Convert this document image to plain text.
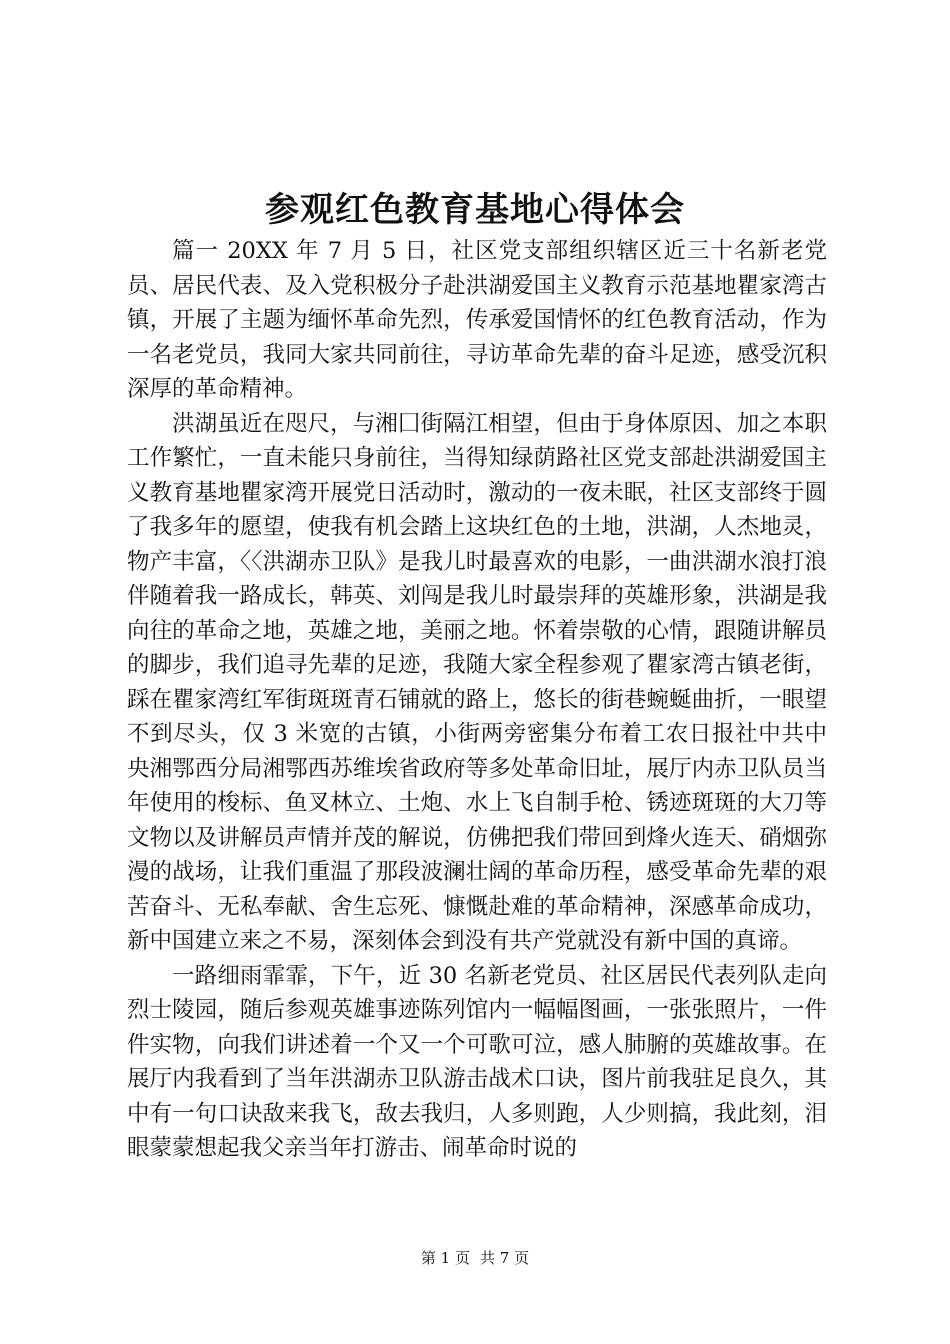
参观红色教育基地心得体会

篇一 20XX 年 7 月 5 日，社区党支部组织辖区近三十名新老党员、居民代表、及入党积极分子赴洪湖爱国主义教育示范基地瞿家湾古镇，开展了主题为缅怀革命先烈，传承爱国情怀的红色教育活动，作为一名老党员，我同大家共同前往，寻访革命先辈的奋斗足迹，感受沉积深厚的革命精神。

洪湖虽近在咫尺，与湘囗街隔江相望，但由于身体原因、加之本职工作繁忙，一直未能只身前往，当得知绿荫路社区党支部赴洪湖爱国主义教育基地瞿家湾开展党日活动时，激动的一夜未眠，社区支部终于圆了我多年的愿望，使我有机会踏上这块红色的土地，洪湖，人杰地灵，物产丰富，〈〈洪湖赤卫队》是我儿时最喜欢的电影，一曲洪湖水浪打浪伴随着我一路成长，韩英、刘闯是我儿时最崇拜的英雄形象，洪湖是我向往的革命之地，英雄之地，美丽之地。怀着崇敬的心情，跟随讲解员的脚步，我们追寻先辈的足迹，我随大家全程参观了瞿家湾古镇老街，踩在瞿家湾红军街斑斑青石铺就的路上，悠长的街巷蜿蜒曲折，一眼望不到尽头，仅 3 米宽的古镇，小街两旁密集分布着工农日报社中共中央湘鄂西分局湘鄂西苏维埃省政府等多处革命旧址，展厅内赤卫队员当年使用的梭标、鱼叉林立、土炮、水上飞自制手枪、锈迹斑斑的大刀等文物以及讲解员声情并茂的解说，仿佛把我们带回到烽火连天、硝烟弥漫的战场，让我们重温了那段波澜壮阔的革命历程，感受革命先辈的艰苦奋斗、无私奉献、舍生忘死、慷慨赴难的革命精神，深感革命成功，新中国建立来之不易，深刻体会到没有共产党就没有新中国的真谛。

一路细雨霏霏，下午，近 30 名新老党员、社区居民代表列队走向烈士陵园，随后参观英雄事迹陈列馆内一幅幅图画，一张张照片，一件件实物，向我们讲述着一个又一个可歌可泣，感人肺腑的英雄故事。在展厅内我看到了当年洪湖赤卫队游击战术口诀，图片前我驻足良久，其中有一句口诀敌来我飞，敌去我归，人多则跑，人少则搞，我此刻，泪眼蒙蒙想起我父亲当年打游击、闹革命时说的

第 1 页 共 7 页
